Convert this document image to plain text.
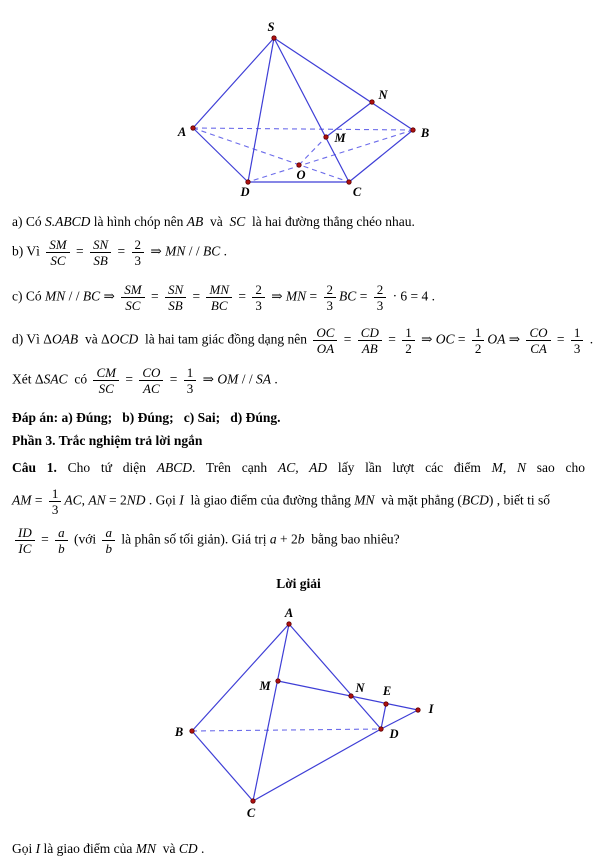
S
N
A	B
M
O
D	C
A
M	N E
I
B	D
C
a) Có S.ABCD là hình chóp nên AB  và  SC  là hai đường thẳng chéo nhau.
b) Vì $\frac{SM}{SC} = \frac{SN}{SB} = \frac{2}{3}$ ⇒ MN / / BC .
c) Có MN / / BC ⇒ $\frac{SM}{SC} = \frac{SN}{SB} = \frac{MN}{BC} = \frac{2}{3}$ ⇒ MN = $\frac{2}{3}$ BC = $\frac{2}{3} \cdot 6 = 4$ .
d) Vì ΔOAB  và ΔOCD  là hai tam giác đồng dạng nên $\frac{OC}{OA} = \frac{CD}{AB} = \frac{1}{2}$ ⇒ OC = $\frac{1}{2}$ OA ⇒ $\frac{CO}{CA} = \frac{1}{3}$ .
Xét ΔSAC  có $\frac{CM}{SC} = \frac{CO}{AC} = \frac{1}{3}$ ⇒ OM / / SA .
Đáp án: a) Đúng;   b) Đúng;   c) Sai;   d) Đúng.
Phần 3. Trắc nghiệm trả lời ngắn
Câu 1. Cho tứ diện ABCD. Trên cạnh AC, AD lấy lần lượt các điểm M, N sao cho
AM = $\frac{1}{3}$ AC, AN = 2ND . Gọi I  là giao điểm của đường thẳng MN  và mặt phẳng (BCD) , biết ti số
$\frac{ID}{IC} = \frac{a}{b}$ (với $\frac{a}{b}$ là phân số tối giản). Giá trị a + 2b  bằng bao nhiêu?
Lời giải
Gọi I là giao điểm của MN  và CD .
